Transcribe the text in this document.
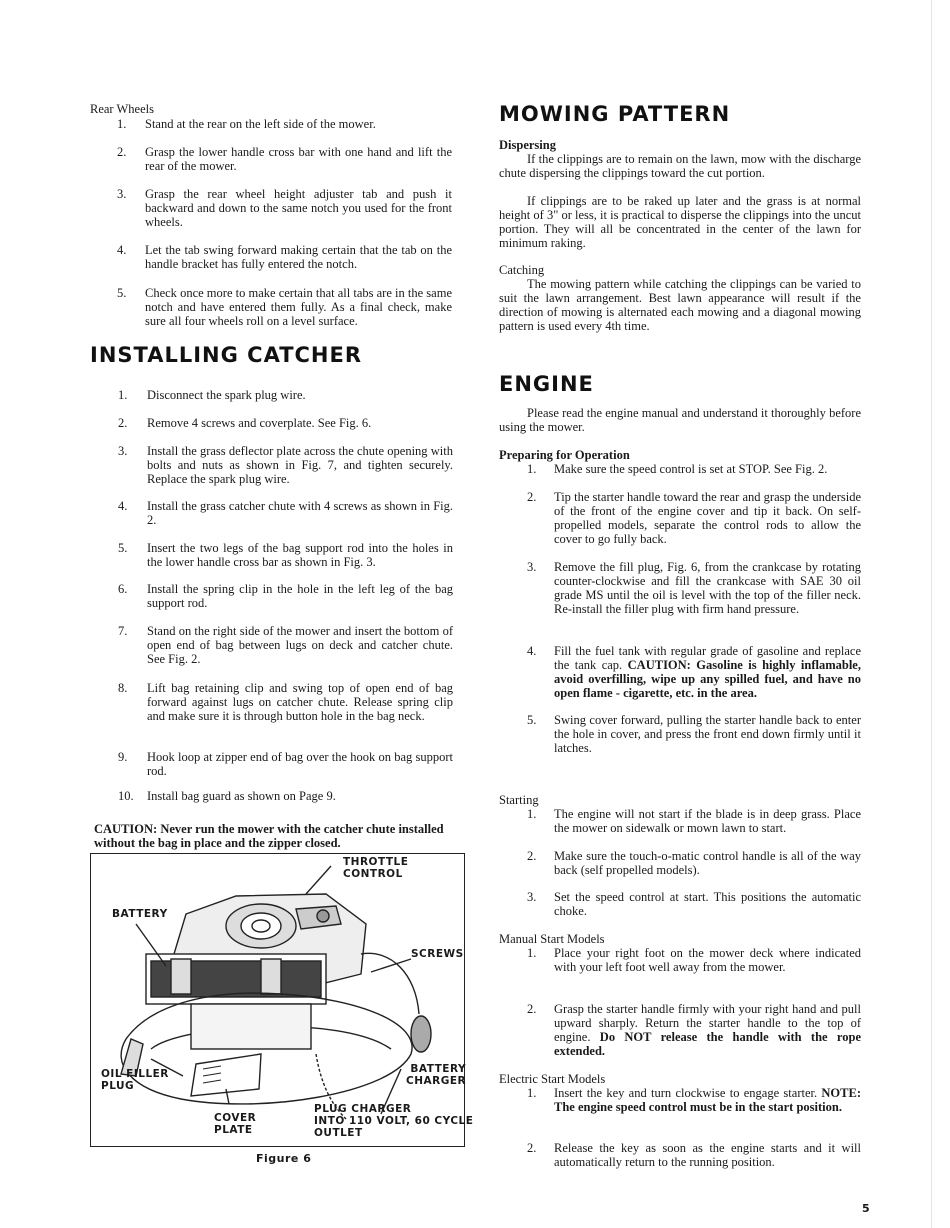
Rear Wheels
1. Stand at the rear on the left side of the mower.
2. Grasp the lower handle cross bar with one hand and lift the rear of the mower.
3. Grasp the rear wheel height adjuster tab and push it backward and down to the same notch you used for the front wheels.
4. Let the tab swing forward making certain that the tab on the handle bracket has fully entered the notch.
5. Check once more to make certain that all tabs are in the same notch and have entered them fully. As a final check, make sure all four wheels roll on a level surface.
INSTALLING CATCHER
1. Disconnect the spark plug wire.
2. Remove 4 screws and coverplate. See Fig. 6.
3. Install the grass deflector plate across the chute opening with bolts and nuts as shown in Fig. 7, and tighten securely. Replace the spark plug wire.
4. Install the grass catcher chute with 4 screws as shown in Fig. 2.
5. Insert the two legs of the bag support rod into the holes in the lower handle cross bar as shown in Fig. 3.
6. Install the spring clip in the hole in the left leg of the bag support rod.
7. Stand on the right side of the mower and insert the bottom of open end of bag between lugs on deck and catcher chute. See Fig. 2.
8. Lift bag retaining clip and swing top of open end of bag forward against lugs on catcher chute. Release spring clip and make sure it is through button hole in the bag neck.
9. Hook loop at zipper end of bag over the hook on bag support rod.
10. Install bag guard as shown on Page 9.
CAUTION: Never run the mower with the catcher chute installed without the bag in place and the zipper closed.
THROTTLE
CONTROL
BATTERY
SCREWS
OIL FILLER
PLUG
BATTERY
CHARGER
COVER
PLATE
PLUG CHARGER
INTO 110 VOLT, 60 CYCLE
OUTLET
Figure 6
MOWING PATTERN
Dispersing
If the clippings are to remain on the lawn, mow with the discharge chute dispersing the clippings toward the cut portion.
If clippings are to be raked up later and the grass is at normal height of 3" or less, it is practical to disperse the clippings into the uncut portion. They will all be concentrated in the center of the lawn for minimum raking.
Catching
The mowing pattern while catching the clippings can be varied to suit the lawn arrangement. Best lawn appearance will result if the direction of mowing is alternated each mowing and a diagonal mowing pattern is used every 4th time.
ENGINE
Please read the engine manual and understand it thoroughly before using the mower.
Preparing for Operation
1. Make sure the speed control is set at STOP. See Fig. 2.
2. Tip the starter handle toward the rear and grasp the underside of the front of the engine cover and tip it back. On self-propelled models, separate the control rods to allow the cover to go fully back.
3. Remove the fill plug, Fig. 6, from the crankcase by rotating counter-clockwise and fill the crankcase with SAE 30 oil grade MS until the oil is level with the top of the filler neck. Re-install the filler plug with firm hand pressure.
4. Fill the fuel tank with regular grade of gasoline and replace the tank cap. CAUTION: Gasoline is highly inflamable, avoid overfilling, wipe up any spilled fuel, and have no open flame - cigarette, etc. in the area.
5. Swing cover forward, pulling the starter handle back to enter the hole in cover, and press the front end down firmly until it latches.
Starting
1. The engine will not start if the blade is in deep grass. Place the mower on sidewalk or mown lawn to start.
2. Make sure the touch-o-matic control handle is all of the way back (self propelled models).
3. Set the speed control at start. This positions the automatic choke.
Manual Start Models
1. Place your right foot on the mower deck where indicated with your left foot well away from the mower.
2. Grasp the starter handle firmly with your right hand and pull upward sharply. Return the starter handle to the top of engine. Do NOT release the handle with the rope extended.
Electric Start Models
1. Insert the key and turn clockwise to engage starter. NOTE: The engine speed control must be in the start position.
2. Release the key as soon as the engine starts and it will automatically return to the running position.
5
